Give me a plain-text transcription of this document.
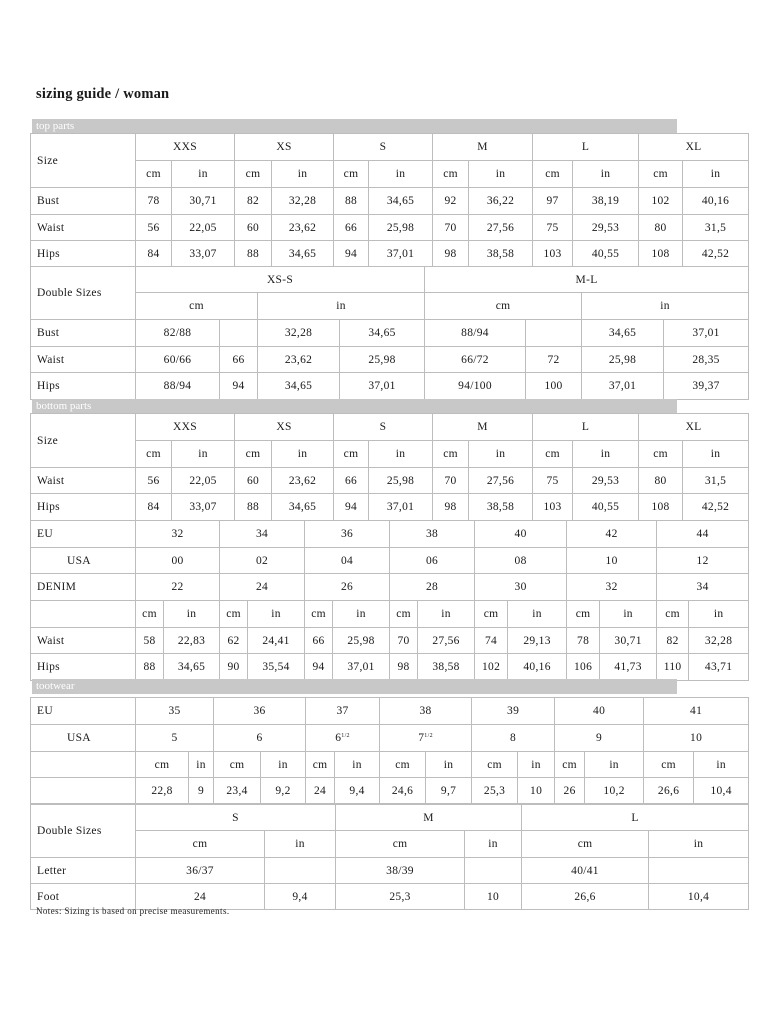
sizing guide / woman
top parts
Size	XXS		XS		S		M		L		XL	
	cm	in	cm	in	cm	in	cm	in	cm	in	cm	in
Bust	78	30,71	82	32,28	88	34,65	92	36,22	97	38,19	102	40,16
Waist	56	22,05	60	23,62	66	25,98	70	27,56	75	29,53	80	31,5
Hips	84	33,07	88	34,65	94	37,01	98	38,58	103	40,55	108	42,52
Double Sizes	XS-S				M-L			
	cm		in		cm		in	
Bust	82/88		32,28	34,65	88/94		34,65	37,01
Waist	60/66	66	23,62	25,98	66/72	72	25,98	28,35
Hips	88/94	94	34,65	37,01	94/100	100	37,01	39,37
bottom parts
Size	XXS		XS		S		M		L		XL	
	cm	in	cm	in	cm	in	cm	in	cm	in	cm	in
Waist	56	22,05	60	23,62	66	25,98	70	27,56	75	29,53	80	31,5
Hips	84	33,07	88	34,65	94	37,01	98	38,58	103	40,55	108	42,52
EU	32		34		36		38		40		42		44	
USA	00		02		04		06		08		10		12	
DENIM	22		24		26		28		30		32		34	
	cm	in	cm	in	cm	in	cm	in	cm	in	cm	in	cm	in
Waist	58	22,83	62	24,41	66	25,98	70	27,56	74	29,13	78	30,71	82	32,28
Hips	88	34,65	90	35,54	94	37,01	98	38,58	102	40,16	106	41,73	110	43,71
tootwear
EU	35		36		37		38		39		40		41	
USA	5		6		$6^{1/2}$		$7^{1/2}$		8		9		10	
	cm	in	cm	in	cm	in	cm	in	cm	in	cm	in	cm	in
	22,8	9	23,4	9,2	24	9,4	24,6	9,7	25,3	10	26	10,2	26,6	10,4
Double Sizes	S		M		L	
	cm	in	cm	in	cm	in
Letter	36/37		38/39		40/41	
Foot	24	9,4	25,3	10	26,6	10,4
Notes: Sizing is based on precise measurements.
